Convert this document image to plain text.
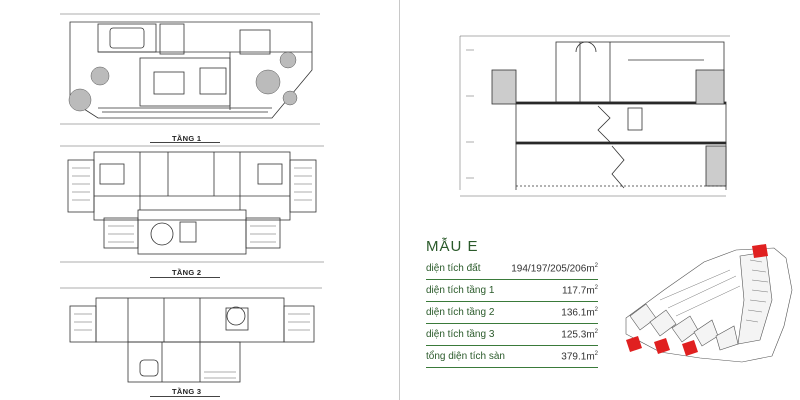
TẦNG 1
TẦNG 2
TẦNG 3
MẪU E
diện tích đất	$194/197/205/206m^2$
diện tích tầng 1	$117.7m^2$
diện tích tầng 2	$136.1m^2$
diện tích tầng 3	$125.3m^2$
tổng diện tích sàn	$379.1m^2$
